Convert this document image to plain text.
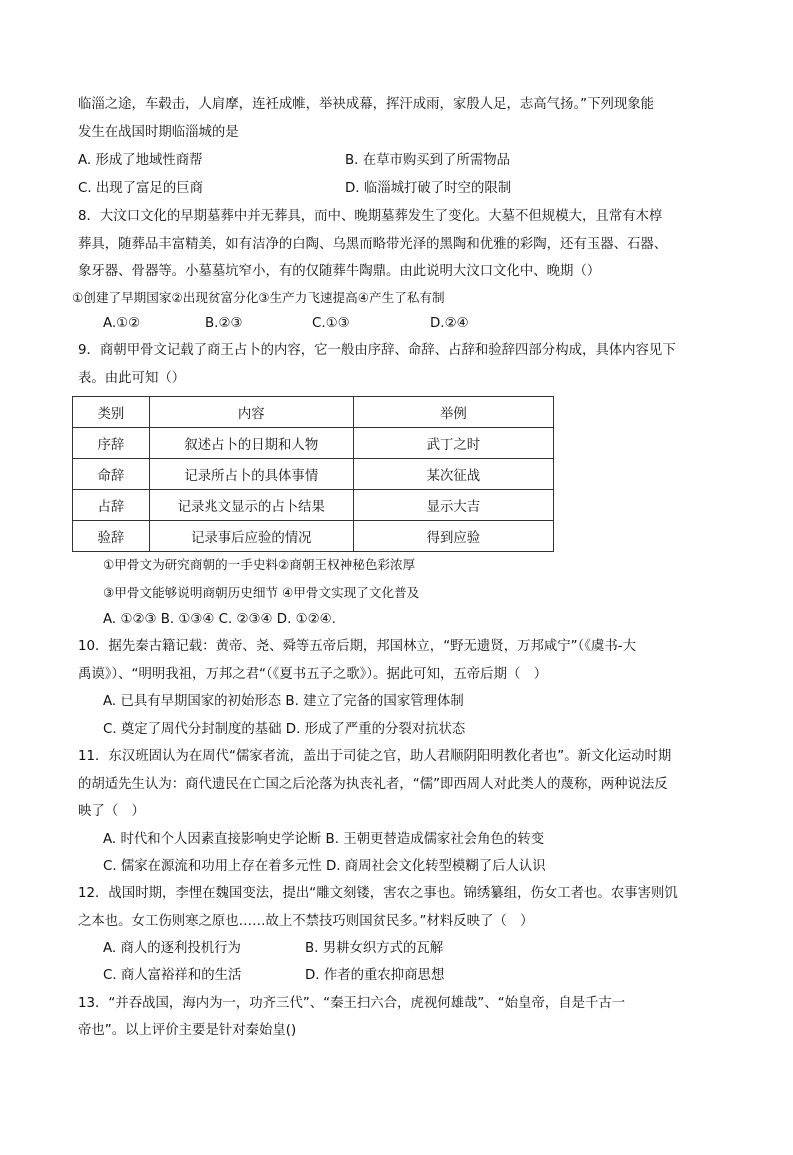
临淄之途，车毂击，人肩摩，连衽成帷，举袂成幕，挥汗成雨，家殷人足，志高气扬。”下列现象能
发生在战国时期临淄城的是
A. 形成了地域性商帮	B. 在草市购买到了所需物品
C. 出现了富足的巨商	D. 临淄城打破了时空的限制
8．大汶口文化的早期墓葬中并无葬具，而中、晚期墓葬发生了变化。大墓不但规模大，且常有木椁
葬具，随葬品丰富精美，如有洁净的白陶、乌黑而略带光泽的黑陶和优雅的彩陶，还有玉器、石器、
象牙器、骨器等。小墓墓坑窄小，有的仅随葬牛陶鼎。由此说明大汶口文化中、晚期（）
①创建了早期国家②出现贫富分化③生产力飞速提高④产生了私有制
A.①②	B.②③	C.①③	D.②④
9．商朝甲骨文记载了商王占卜的内容，它一般由序辞、命辞、占辞和验辞四部分构成，具体内容见下
表。由此可知（）
类别	内容	举例
序辞	叙述占卜的日期和人物	武丁之时
命辞	记录所占卜的具体事情	某次征战
占辞	记录兆文显示的占卜结果	显示大吉
验辞	记录事后应验的情况	得到应验
①甲骨文为研究商朝的一手史料②商朝王权神秘色彩浓厚
③甲骨文能够说明商朝历史细节 ④甲骨文实现了文化普及
A. ①②③ B. ①③④ C. ②③④ D. ①②④.
10．据先秦古籍记载：黄帝、尧、舜等五帝后期，邦国林立，“野无遗贤，万邦咸宁”（《虞书-大
禹谟》）、“明明我祖，万邦之君“（《夏书五子之歌》）。据此可知，五帝后期（　）
A. 已具有早期国家的初始形态 B. 建立了完备的国家管理体制
C. 奠定了周代分封制度的基础 D. 形成了严重的分裂对抗状态
11．东汉班固认为在周代“儒家者流，盖出于司徒之官，助人君顺阴阳明教化者也”。新文化运动时期
的胡适先生认为：商代遗民在亡国之后沦落为执丧礼者，“儒”即西周人对此类人的蔑称，两种说法反
映了（　）
A. 时代和个人因素直接影响史学论断 B. 王朝更替造成儒家社会角色的转变
C. 儒家在源流和功用上存在着多元性 D. 商周社会文化转型模糊了后人认识
12．战国时期，李悝在魏国变法，提出“雕文刻镂，害农之事也。锦绣纂组，伤女工者也。农事害则饥
之本也。女工伤则寒之原也……故上不禁技巧则国贫民多。”材料反映了（　）
A. 商人的逐利投机行为	B. 男耕女织方式的瓦解
C. 商人富裕祥和的生活	D. 作者的重农抑商思想
13．“并吞战国，海内为一，功齐三代”、“秦王扫六合，虎视何雄哉”、“始皇帝，自是千古一
帝也”。以上评价主要是针对秦始皇()
